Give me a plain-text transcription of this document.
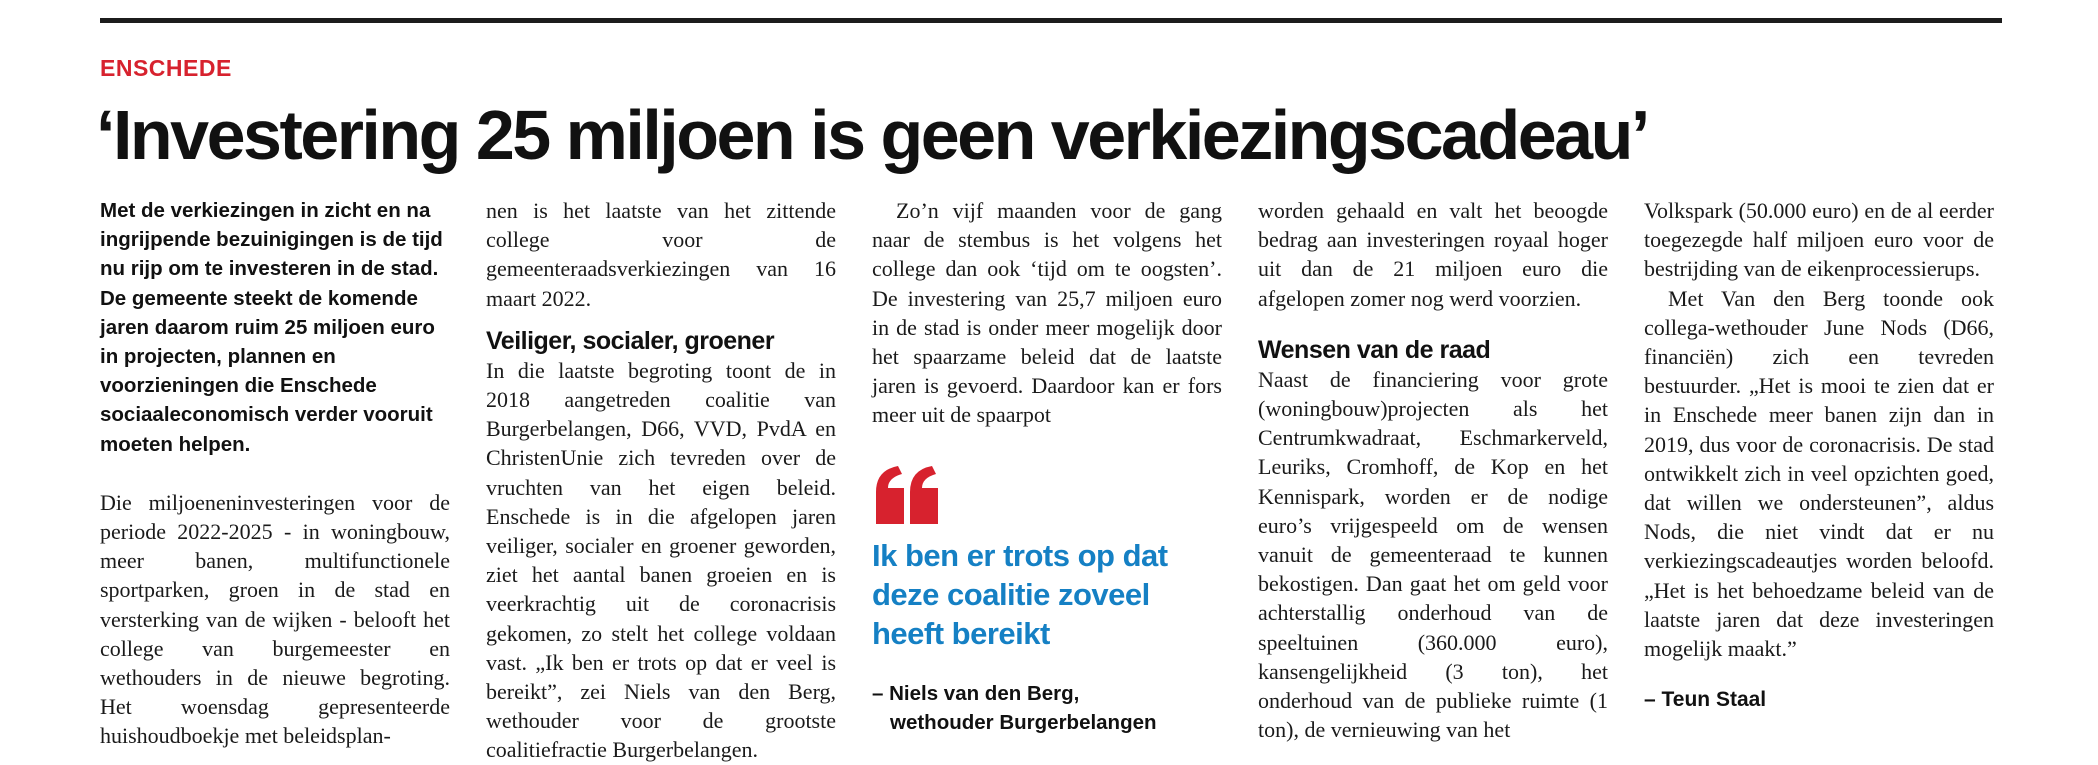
ENSCHEDE
‘Investering 25 miljoen is geen verkiezingscadeau’

Met de verkiezingen in zicht en na ingrijpende bezuinigingen is de tijd nu rijp om te investeren in de stad. De gemeente steekt de komende jaren daarom ruim 25 miljoen euro in projecten, plannen en voorzieningen die Enschede sociaaleconomisch verder vooruit moeten helpen.

Die miljoeneninvesteringen voor de periode 2022-2025 - in woningbouw, meer banen, multifunctionele sportparken, groen in de stad en versterking van de wijken - belooft het college van burgemeester en wethouders in de nieuwe begroting. Het woensdag gepresenteerde huishoudboekje met beleidsplan-

nen is het laatste van het zittende college voor de gemeenteraadsverkiezingen van 16 maart 2022.

Veiliger, socialer, groener

In die laatste begroting toont de in 2018 aangetreden coalitie van Burgerbelangen, D66, VVD, PvdA en ChristenUnie zich tevreden over de vruchten van het eigen beleid. Enschede is in die afgelopen jaren veiliger, socialer en groener geworden, ziet het aantal banen groeien en is veerkrachtig uit de coronacrisis gekomen, zo stelt het college voldaan vast. „Ik ben er trots op dat er veel is bereikt”, zei Niels van den Berg, wethouder voor de grootste coalitiefractie Burgerbelangen.

Zo’n vijf maanden voor de gang naar de stembus is het volgens het college dan ook ‘tijd om te oogsten’. De investering van 25,7 miljoen euro in de stad is onder meer mogelijk door het spaarzame beleid dat de laatste jaren is gevoerd. Daardoor kan er fors meer uit de spaarpot

Ik ben er trots op dat deze coalitie zoveel heeft bereikt

– Niels van den Berg,

wethouder Burgerbelangen

worden gehaald en valt het beoogde bedrag aan investeringen royaal hoger uit dan de 21 miljoen euro die afgelopen zomer nog werd voorzien.

Wensen van de raad

Naast de financiering voor grote (woningbouw)projecten als het Centrumkwadraat, Eschmarkerveld, Leuriks, Cromhoff, de Kop en het Kennispark, worden er de nodige euro’s vrijgespeeld om de wensen vanuit de gemeenteraad te kunnen bekostigen. Dan gaat het om geld voor achterstallig onderhoud van de speeltuinen (360.000 euro), kansengelijkheid (3 ton), het onderhoud van de publieke ruimte (1 ton), de vernieuwing van het

Volkspark (50.000 euro) en de al eerder toegezegde half miljoen euro voor de bestrijding van de eikenprocessierups.

Met Van den Berg toonde ook collega-wethouder June Nods (D66, financiën) zich een tevreden bestuurder. „Het is mooi te zien dat er in Enschede meer banen zijn dan in 2019, dus voor de coronacrisis. De stad ontwikkelt zich in veel opzichten goed, dat willen we ondersteunen”, aldus Nods, die niet vindt dat er nu verkiezingscadeautjes worden beloofd. „Het is het behoedzame beleid van de laatste jaren dat deze investeringen mogelijk maakt.”

– Teun Staal
